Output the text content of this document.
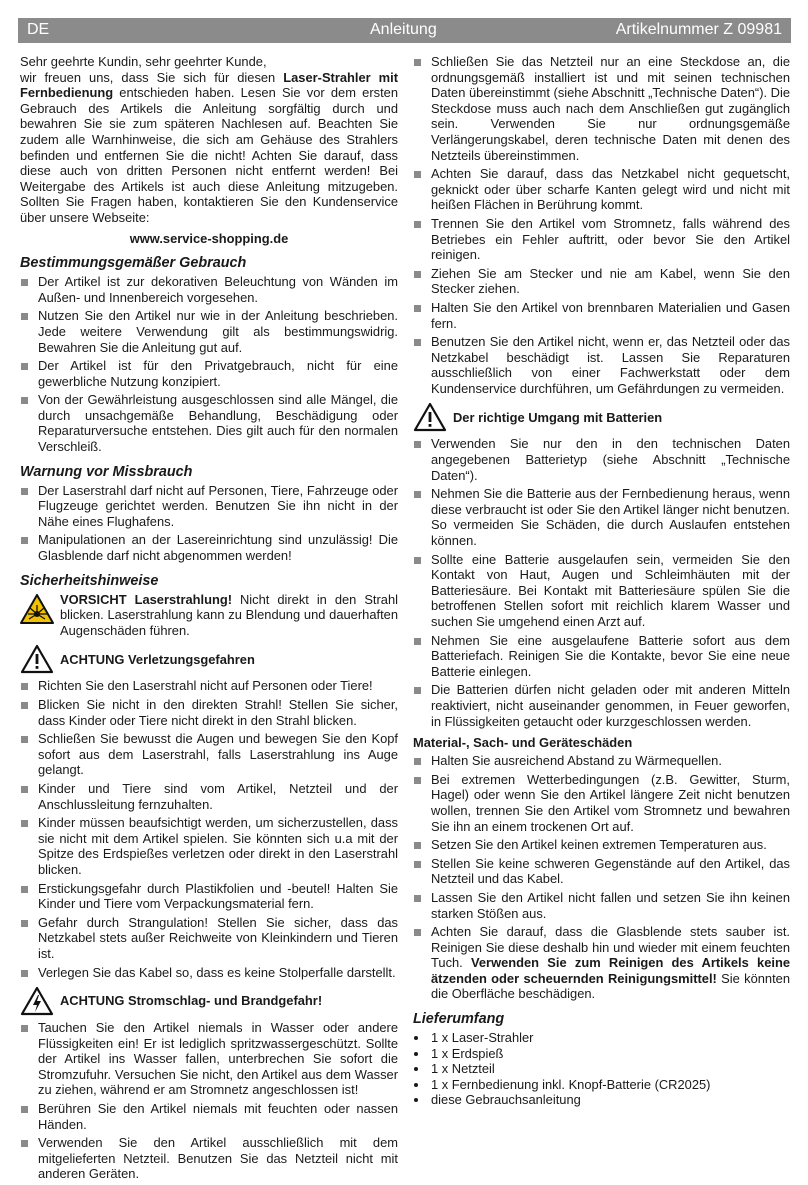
DE	Anleitung	Artikelnummer Z 09981

Sehr geehrte Kundin, sehr geehrter Kunde,

wir freuen uns, dass Sie sich für diesen Laser-Strahler mit Fernbedienung entschieden haben. Lesen Sie vor dem ersten Gebrauch des Artikels die Anleitung sorgfältig durch und bewahren Sie sie zum späteren Nachlesen auf. Beachten Sie zudem alle Warnhinweise, die sich am Gehäuse des Strahlers befinden und entfernen Sie die nicht! Achten Sie darauf, dass diese auch von dritten Personen nicht entfernt werden! Bei Weitergabe des Artikels ist auch diese Anleitung mitzugeben. Sollten Sie Fragen haben, kontaktieren Sie den Kundenservice über unsere Webseite:

www.service-shopping.de

Bestimmungsgemäßer Gebrauch
Der Artikel ist zur dekorativen Beleuchtung von Wänden im Außen- und Innenbereich vorgesehen.
Nutzen Sie den Artikel nur wie in der Anleitung beschrieben. Jede weitere Verwendung gilt als bestimmungswidrig. Bewahren Sie die Anleitung gut auf.
Der Artikel ist für den Privatgebrauch, nicht für eine gewerbliche Nutzung konzipiert.
Von der Gewährleistung ausgeschlossen sind alle Mängel, die durch unsachgemäße Behandlung, Beschädigung oder Reparaturversuche entstehen. Dies gilt auch für den normalen Verschleiß.
Warnung vor Missbrauch
Der Laserstrahl darf nicht auf Personen, Tiere, Fahrzeuge oder Flugzeuge gerichtet werden. Benutzen Sie ihn nicht in der Nähe eines Flughafens.
Manipulationen an der Lasereinrichtung sind unzulässig! Die Glasblende darf nicht abgenommen werden!
Sicherheitshinweise

VORSICHT Laserstrahlung! Nicht direkt in den Strahl blicken. Laserstrahlung kann zu Blendung und dauerhaften Augenschäden führen.

ACHTUNG Verletzungsgefahren
Richten Sie den Laserstrahl nicht auf Personen oder Tiere!
Blicken Sie nicht in den direkten Strahl! Stellen Sie sicher, dass Kinder oder Tiere nicht direkt in den Strahl blicken.
Schließen Sie bewusst die Augen und bewegen Sie den Kopf sofort aus dem Laserstrahl, falls Laserstrahlung ins Auge gelangt.
Kinder und Tiere sind vom Artikel, Netzteil und der Anschlussleitung fernzuhalten.
Kinder müssen beaufsichtigt werden, um sicherzustellen, dass sie nicht mit dem Artikel spielen. Sie könnten sich u.a mit der Spitze des Erdspießes verletzen oder direkt in den Laserstrahl blicken.
Erstickungsgefahr durch Plastikfolien und -beutel! Halten Sie Kinder und Tiere vom Verpackungsmaterial fern.
Gefahr durch Strangulation! Stellen Sie sicher, dass das Netzkabel stets außer Reichweite von Kleinkindern und Tieren ist.
Verlegen Sie das Kabel so, dass es keine Stolperfalle darstellt.
ACHTUNG Stromschlag- und Brandgefahr!
Tauchen Sie den Artikel niemals in Wasser oder andere Flüssigkeiten ein! Er ist lediglich spritzwassergeschützt. Sollte der Artikel ins Wasser fallen, unterbrechen Sie sofort die Stromzufuhr. Versuchen Sie nicht, den Artikel aus dem Wasser zu ziehen, während er am Stromnetz angeschlossen ist!
Berühren Sie den Artikel niemals mit feuchten oder nassen Händen.
Verwenden Sie den Artikel ausschließlich mit dem mitgelieferten Netzteil. Benutzen Sie das Netzteil nicht mit anderen Geräten.
Schließen Sie das Netzteil nur an eine Steckdose an, die ordnungsgemäß installiert ist und mit seinen technischen Daten übereinstimmt (siehe Abschnitt „Technische Daten“). Die Steckdose muss auch nach dem Anschließen gut zugänglich sein. Verwenden Sie nur ordnungsgemäße Verlängerungskabel, deren technische Daten mit denen des Netzteils übereinstimmen.
Achten Sie darauf, dass das Netzkabel nicht gequetscht, geknickt oder über scharfe Kanten gelegt wird und nicht mit heißen Flächen in Berührung kommt.
Trennen Sie den Artikel vom Stromnetz, falls während des Betriebes ein Fehler auftritt, oder bevor Sie den Artikel reinigen.
Ziehen Sie am Stecker und nie am Kabel, wenn Sie den Stecker ziehen.
Halten Sie den Artikel von brennbaren Materialien und Gasen fern.
Benutzen Sie den Artikel nicht, wenn er, das Netzteil oder das Netzkabel beschädigt ist. Lassen Sie Reparaturen ausschließlich von einer Fachwerkstatt oder dem Kundenservice durchführen, um Gefährdungen zu vermeiden.
Der richtige Umgang mit Batterien
Verwenden Sie nur den in den technischen Daten angegebenen Batterietyp (siehe Abschnitt „Technische Daten“).
Nehmen Sie die Batterie aus der Fernbedienung heraus, wenn diese verbraucht ist oder Sie den Artikel länger nicht benutzen. So vermeiden Sie Schäden, die durch Auslaufen entstehen können.
Sollte eine Batterie ausgelaufen sein, vermeiden Sie den Kontakt von Haut, Augen und Schleimhäuten mit der Batteriesäure. Bei Kontakt mit Batteriesäure spülen Sie die betroffenen Stellen sofort mit reichlich klarem Wasser und suchen Sie umgehend einen Arzt auf.
Nehmen Sie eine ausgelaufene Batterie sofort aus dem Batteriefach. Reinigen Sie die Kontakte, bevor Sie eine neue Batterie einlegen.
Die Batterien dürfen nicht geladen oder mit anderen Mitteln reaktiviert, nicht auseinander genommen, in Feuer geworfen, in Flüssigkeiten getaucht oder kurzgeschlossen werden.
Material-, Sach- und Geräteschäden
Halten Sie ausreichend Abstand zu Wärmequellen.
Bei extremen Wetterbedingungen (z.B. Gewitter, Sturm, Hagel) oder wenn Sie den Artikel längere Zeit nicht benutzen wollen, trennen Sie den Artikel vom Stromnetz und bewahren Sie ihn an einem trockenen Ort auf.
Setzen Sie den Artikel keinen extremen Temperaturen aus.
Stellen Sie keine schweren Gegenstände auf den Artikel, das Netzteil und das Kabel.
Lassen Sie den Artikel nicht fallen und setzen Sie ihn keinen starken Stößen aus.
Achten Sie darauf, dass die Glasblende stets sauber ist. Reinigen Sie diese deshalb hin und wieder mit einem feuchten Tuch. Verwenden Sie zum Reinigen des Artikels keine ätzenden oder scheuernden Reinigungsmittel! Sie könnten die Oberfläche beschädigen.
Lieferumfang
1 x Laser-Strahler
1 x Erdspieß
1 x Netzteil
1 x Fernbedienung inkl. Knopf-Batterie (CR2025)
diese Gebrauchsanleitung
